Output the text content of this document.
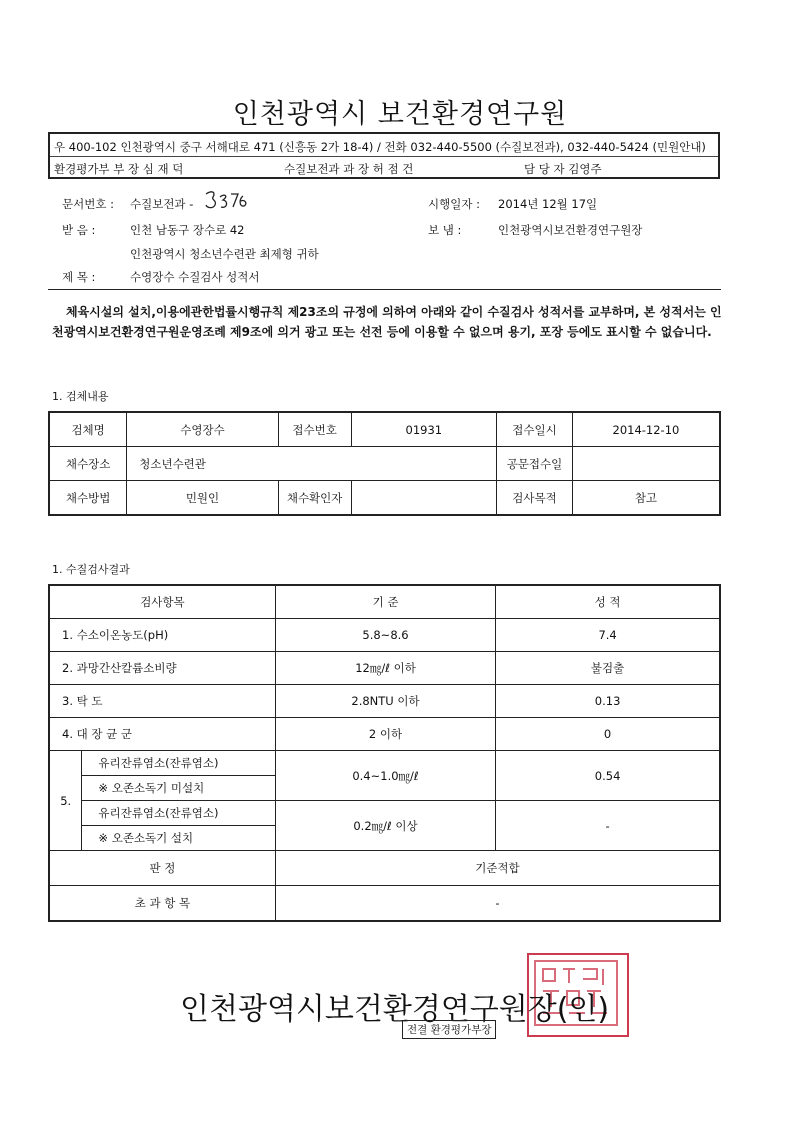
인천광역시 보건환경연구원
우 400-102 인천광역시 중구 서해대로 471 (신흥동 2가 18-4) / 전화 032-440-5500 (수질보전과), 032-440-5424 (민원안내)
환경평가부 부 장 심 재 덕	수질보전과 과 장 허 점 건	담 당 자 김영주
문서번호 : 수질보전과 -	시행일자 : 2014년 12월 17일
받 음 :	인천 남동구 장수로 42	보 냄 :	인천광역시보건환경연구원장
인천광역시 청소년수련관 최제형 귀하
제 목 :	수영장수 수질검사 성적서
체육시설의 설치,이용에관한법률시행규칙 제23조의 규정에 의하여 아래와 같이 수질검사 성적서를 교부하며, 본 성적서는 인천광역시보건환경연구원운영조례 제9조에 의거 광고 또는 선전 등에 이용할 수 없으며 용기, 포장 등에도 표시할 수 없습니다.
1. 검체내용
검체명	수영장수	접수번호	01931	접수일시	2014-12-10
채수장소	청소년수련관			공문접수일	
채수방법	민원인	채수확인자		검사목적	참고
1. 수질검사결과
검사항목		기 준	성 적
1. 수소이온농도(pH)		5.8~8.6	7.4
2. 과망간산칼륨소비량		12㎎/ℓ 이하	불검출
3. 탁 도		2.8NTU 이하	0.13
4. 대 장 균 군		2 이하	0
5.	유리잔류염소(잔류염소)	0.4~1.0㎎/ℓ	0.54
	※ 오존소독기 미설치		
	유리잔류염소(잔류염소)	0.2㎎/ℓ 이상	-
	※ 오존소독기 설치		
판 정		기준적합	
초 과 항 목		-	
인천광역시보건환경연구원장(인)
전결 환경평가부장
